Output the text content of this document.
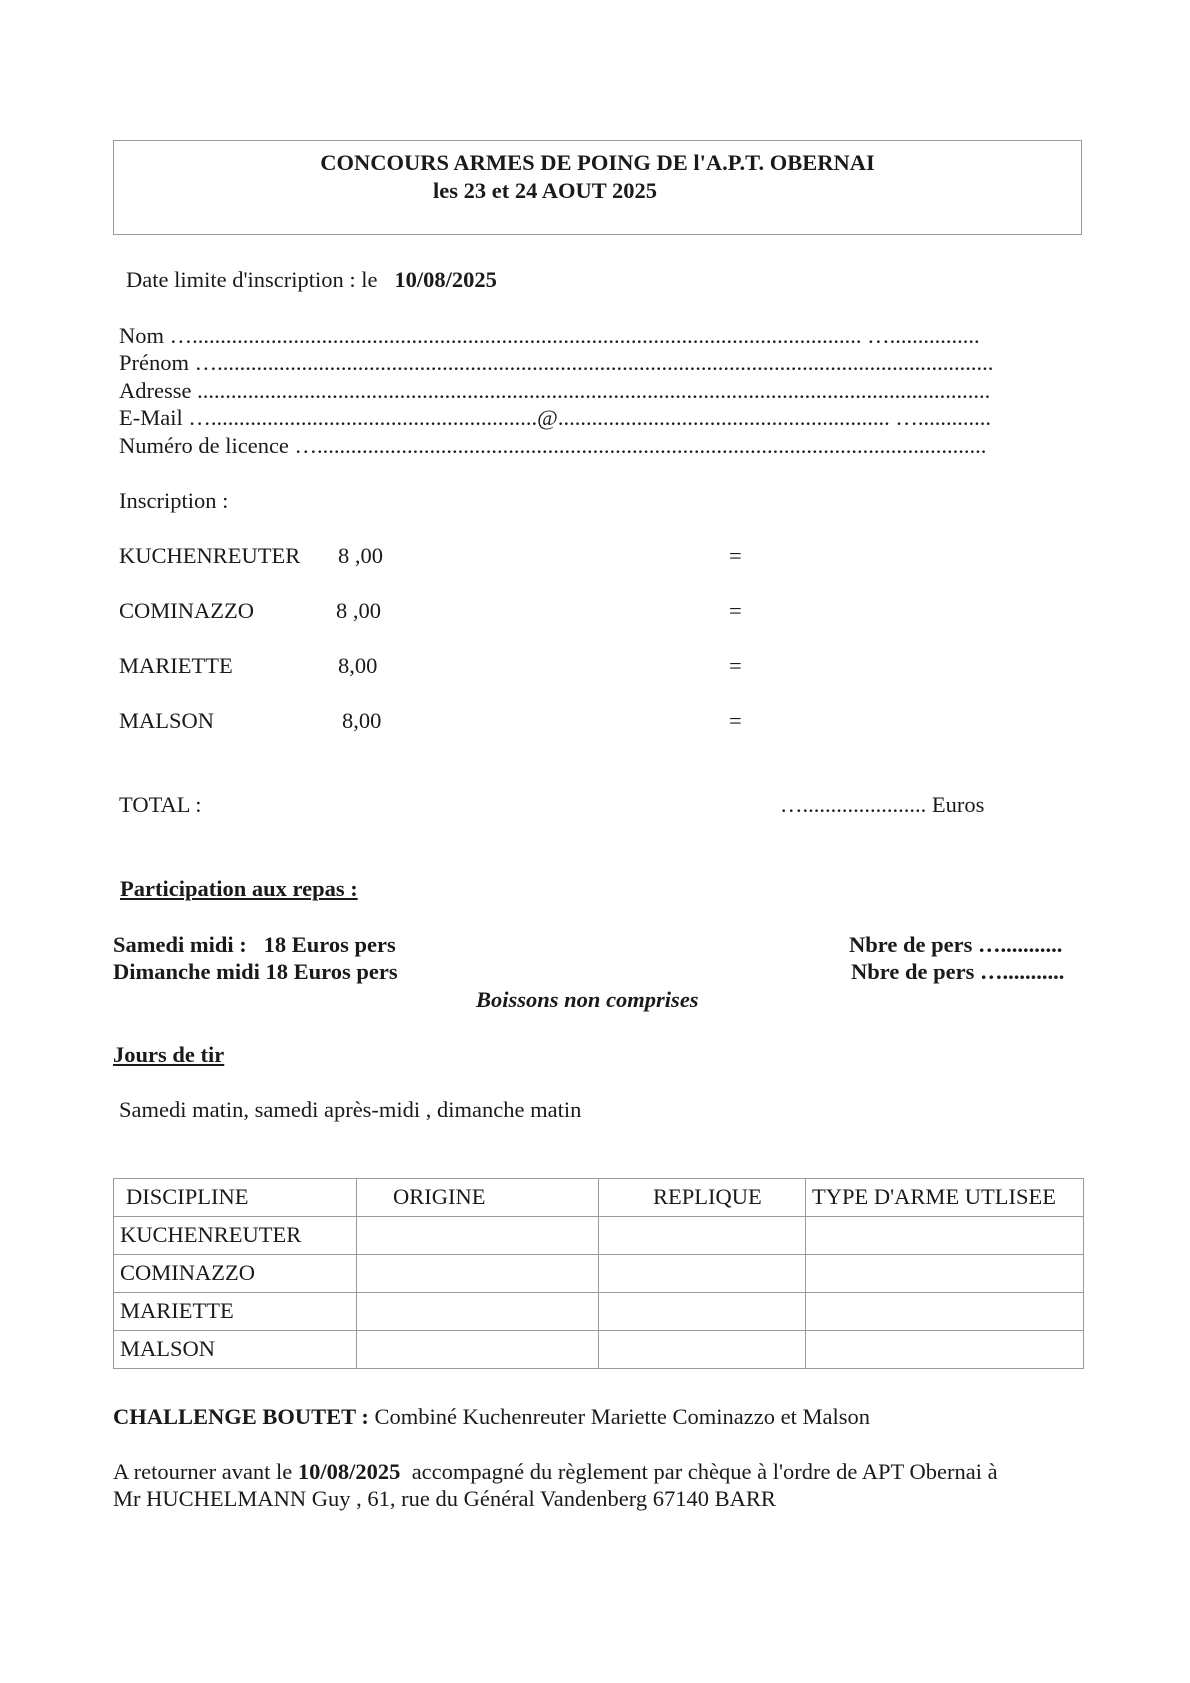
CONCOURS ARMES DE POING DE l'A.P.T. OBERNAI
les 23 et 24 AOUT 2025
Date limite d'inscription : le 10/08/2025
Nom …....................................................................................................................... …................
Prénom …..........................................................................................................................................
Adresse .............................................................................................................................................
E-Mail …..........................................................@........................................................... ….............
Numéro de licence ….......................................................................................................................
Inscription :
KUCHENREUTER 8 ,00	=
COMINAZZO	8 ,00	=
MARIETTE	8,00	=
MALSON	8,00	=
TOTAL :	…...................... Euros
Participation aux repas :
Samedi midi :   18 Euros pers	Nbre de pers …...........
Dimanche midi 18 Euros pers	Nbre de pers …...........
Boissons non comprises
Jours de tir
Samedi matin, samedi après-midi , dimanche matin
DISCIPLINE	ORIGINE	REPLIQUE	TYPE D'ARME UTLISEE
KUCHENREUTER			
COMINAZZO			
MARIETTE			
MALSON			
CHALLENGE BOUTET : Combiné Kuchenreuter Mariette Cominazzo et Malson
A retourner avant le 10/08/2025 accompagné du règlement par chèque à l'ordre de APT Obernai à
Mr HUCHELMANN Guy , 61, rue du Général Vandenberg 67140 BARR
